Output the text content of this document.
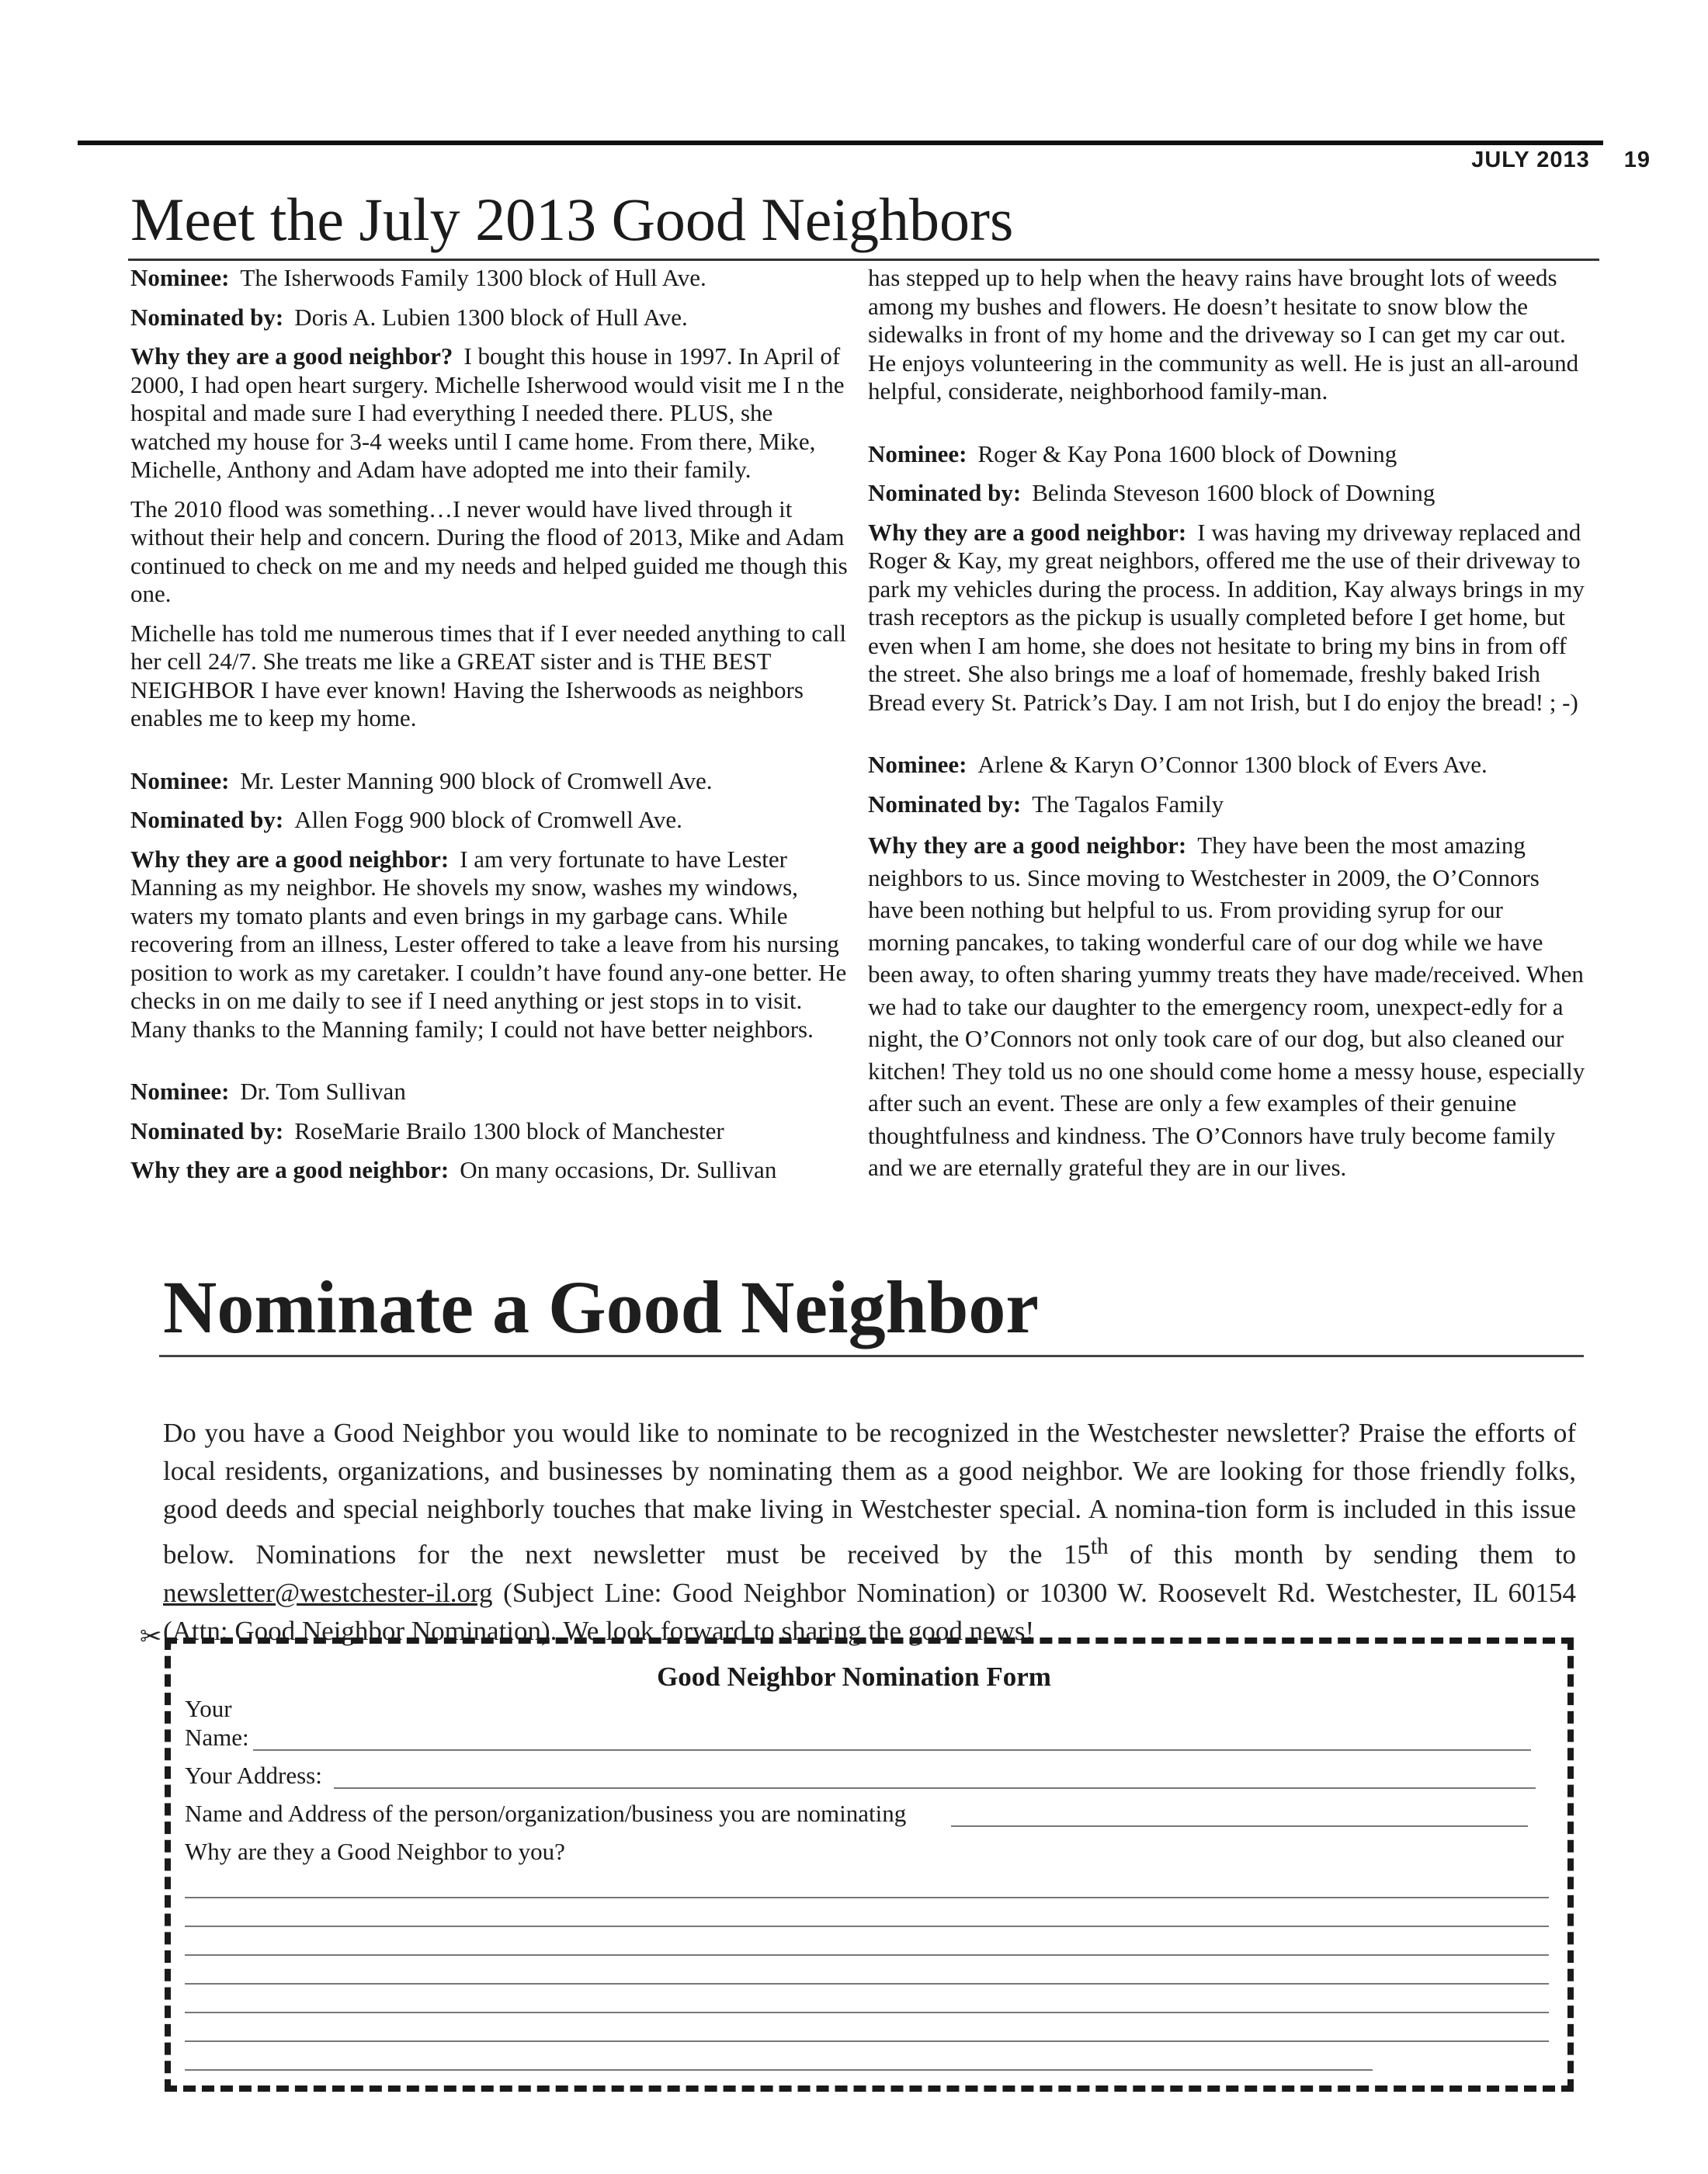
JULY 2013 19
Meet the July 2013 Good Neighbors

Nominee: The Isherwoods Family 1300 block of Hull Ave.

Nominated by: Doris A. Lubien 1300 block of Hull Ave.

Why they are a good neighbor? I bought this house in 1997. In April of 2000, I had open heart surgery. Michelle Isherwood would visit me I n the hospital and made sure I had everything I needed there. PLUS, she watched my house for 3-4 weeks until I came home. From there, Mike, Michelle, Anthony and Adam have adopted me into their family.

The 2010 flood was something…I never would have lived through it without their help and concern. During the flood of 2013, Mike and Adam continued to check on me and my needs and helped guided me though this one.

Michelle has told me numerous times that if I ever needed anything to call her cell 24/7. She treats me like a GREAT sister and is THE BEST NEIGHBOR I have ever known! Having the Isherwoods as neighbors enables me to keep my home.

Nominee: Mr. Lester Manning 900 block of Cromwell Ave.

Nominated by: Allen Fogg 900 block of Cromwell Ave.

Why they are a good neighbor: I am very fortunate to have Lester Manning as my neighbor. He shovels my snow, washes my windows, waters my tomato plants and even brings in my garbage cans. While recovering from an illness, Lester offered to take a leave from his nursing position to work as my caretaker. I couldn’t have found any-one better. He checks in on me daily to see if I need anything or jest stops in to visit. Many thanks to the Manning family; I could not have better neighbors.

Nominee: Dr. Tom Sullivan

Nominated by: RoseMarie Brailo 1300 block of Manchester

Why they are a good neighbor: On many occasions, Dr. Sullivan

has stepped up to help when the heavy rains have brought lots of weeds among my bushes and flowers. He doesn’t hesitate to snow blow the sidewalks in front of my home and the driveway so I can get my car out. He enjoys volunteering in the community as well. He is just an all-around helpful, considerate, neighborhood family-man.

Nominee: Roger & Kay Pona 1600 block of Downing

Nominated by: Belinda Steveson 1600 block of Downing

Why they are a good neighbor: I was having my driveway replaced and Roger & Kay, my great neighbors, offered me the use of their driveway to park my vehicles during the process. In addition, Kay always brings in my trash receptors as the pickup is usually completed before I get home, but even when I am home, she does not hesitate to bring my bins in from off the street. She also brings me a loaf of homemade, freshly baked Irish Bread every St. Patrick’s Day. I am not Irish, but I do enjoy the bread! ; -)

Nominee: Arlene & Karyn O’Connor 1300 block of Evers Ave.

Nominated by: The Tagalos Family

Why they are a good neighbor: They have been the most amazing neighbors to us. Since moving to Westchester in 2009, the O’Connors have been nothing but helpful to us. From providing syrup for our morning pancakes, to taking wonderful care of our dog while we have been away, to often sharing yummy treats they have made/received. When we had to take our daughter to the emergency room, unexpect-edly for a night, the O’Connors not only took care of our dog, but also cleaned our kitchen! They told us no one should come home a messy house, especially after such an event. These are only a few examples of their genuine thoughtfulness and kindness. The O’Connors have truly become family and we are eternally grateful they are in our lives.

Nominate a Good Neighbor

Do you have a Good Neighbor you would like to nominate to be recognized in the Westchester newsletter? Praise the efforts of local residents, organizations, and businesses by nominating them as a good neighbor. We are looking for those friendly folks, good deeds and special neighborly touches that make living in Westchester special. A nomina-tion form is included in this issue below. Nominations for the next newsletter must be received by the 15th of this month by sending them to newsletter@westchester-il.org (Subject Line: Good Neighbor Nomination) or 10300 W. Roosevelt Rd. Westchester, IL 60154 (Attn: Good Neighbor Nomination). We look forward to sharing the good news!

✂
Good Neighbor Nomination Form
Your
Name:
Your Address:
Name and Address of the person/organization/business you are nominating
Why are they a Good Neighbor to you?
